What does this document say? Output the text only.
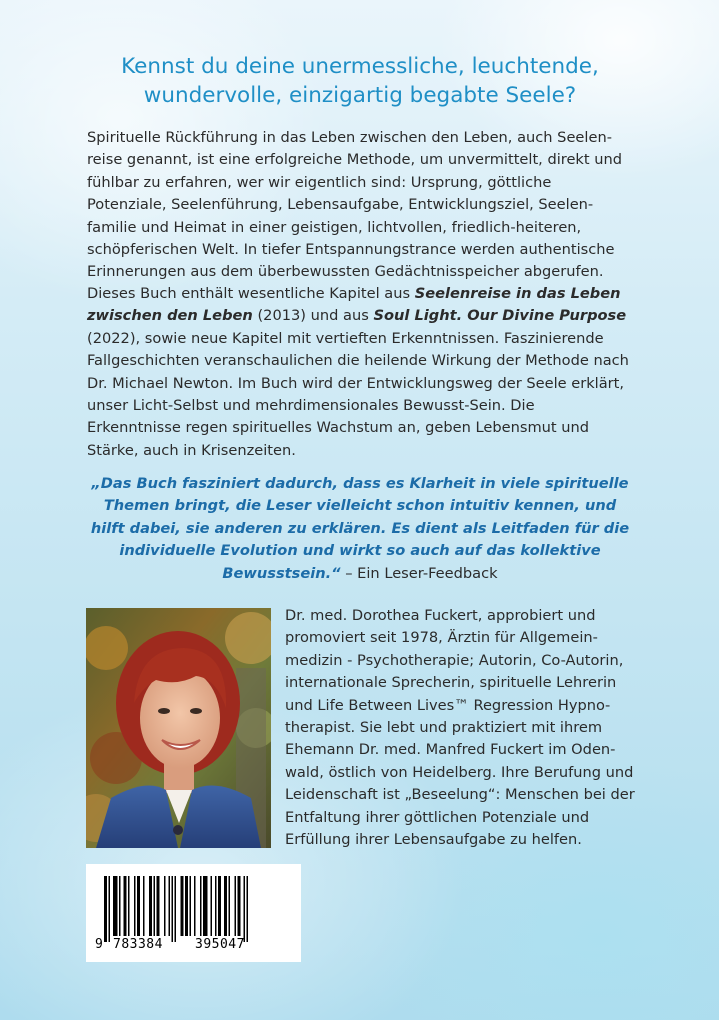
Kennst du deine unermessliche, leuchtende, wundervolle, einzigartig begabte Seele?

Spirituelle Rückführung in das Leben zwischen den Leben, auch Seelenreise genannt, ist eine erfolgreiche Methode, um unvermittelt, direkt und fühlbar zu erfahren, wer wir eigentlich sind: Ursprung, göttliche Potenziale, Seelenführung, Lebensaufgabe, Entwicklungsziel, Seelenfamilie und Heimat in einer geistigen, lichtvollen, friedlich-heiteren, schöpferischen Welt. In tiefer Entspannungstrance werden authentische Erinnerungen aus dem überbewussten Gedächtnisspeicher abgerufen.

Dieses Buch enthält wesentliche Kapitel aus Seelenreise in das Leben zwischen den Leben (2013) und aus Soul Light. Our Divine Purpose (2022), sowie neue Kapitel mit vertieften Erkenntnissen. Faszinierende Fallgeschichten veranschaulichen die heilende Wirkung der Methode nach Dr. Michael Newton. Im Buch wird der Entwicklungsweg der Seele erklärt, unser Licht-Selbst und mehrdimensionales Bewusst-Sein. Die Erkenntnisse regen spirituelles Wachstum an, geben Lebensmut und Stärke, auch in Krisenzeiten.

„Das Buch fasziniert dadurch, dass es Klarheit in viele spirituelle Themen bringt, die Leser vielleicht schon intuitiv kennen, und hilft dabei, sie anderen zu erklären. Es dient als Leitfaden für die individuelle Evolution und wirkt so auch auf das kollektive Bewusstsein.“ – Ein Leser-Feedback

Dr. med. Dorothea Fuckert, approbiert und promoviert seit 1978, Ärztin für Allgemeinmedizin - Psychotherapie; Autorin, Co-Autorin, internationale Sprecherin, spirituelle Lehrerin und Life Between Lives™ Regression Hypnotherapist. Sie lebt und praktiziert mit ihrem Ehemann Dr. med. Manfred Fuckert im Odenwald, östlich von Heidelberg. Ihre Berufung und Leidenschaft ist „Beseelung“: Menschen bei der Entfaltung ihrer göttlichen Potenziale und Erfüllung ihrer Lebensaufgabe zu helfen.

9 783384 395047
